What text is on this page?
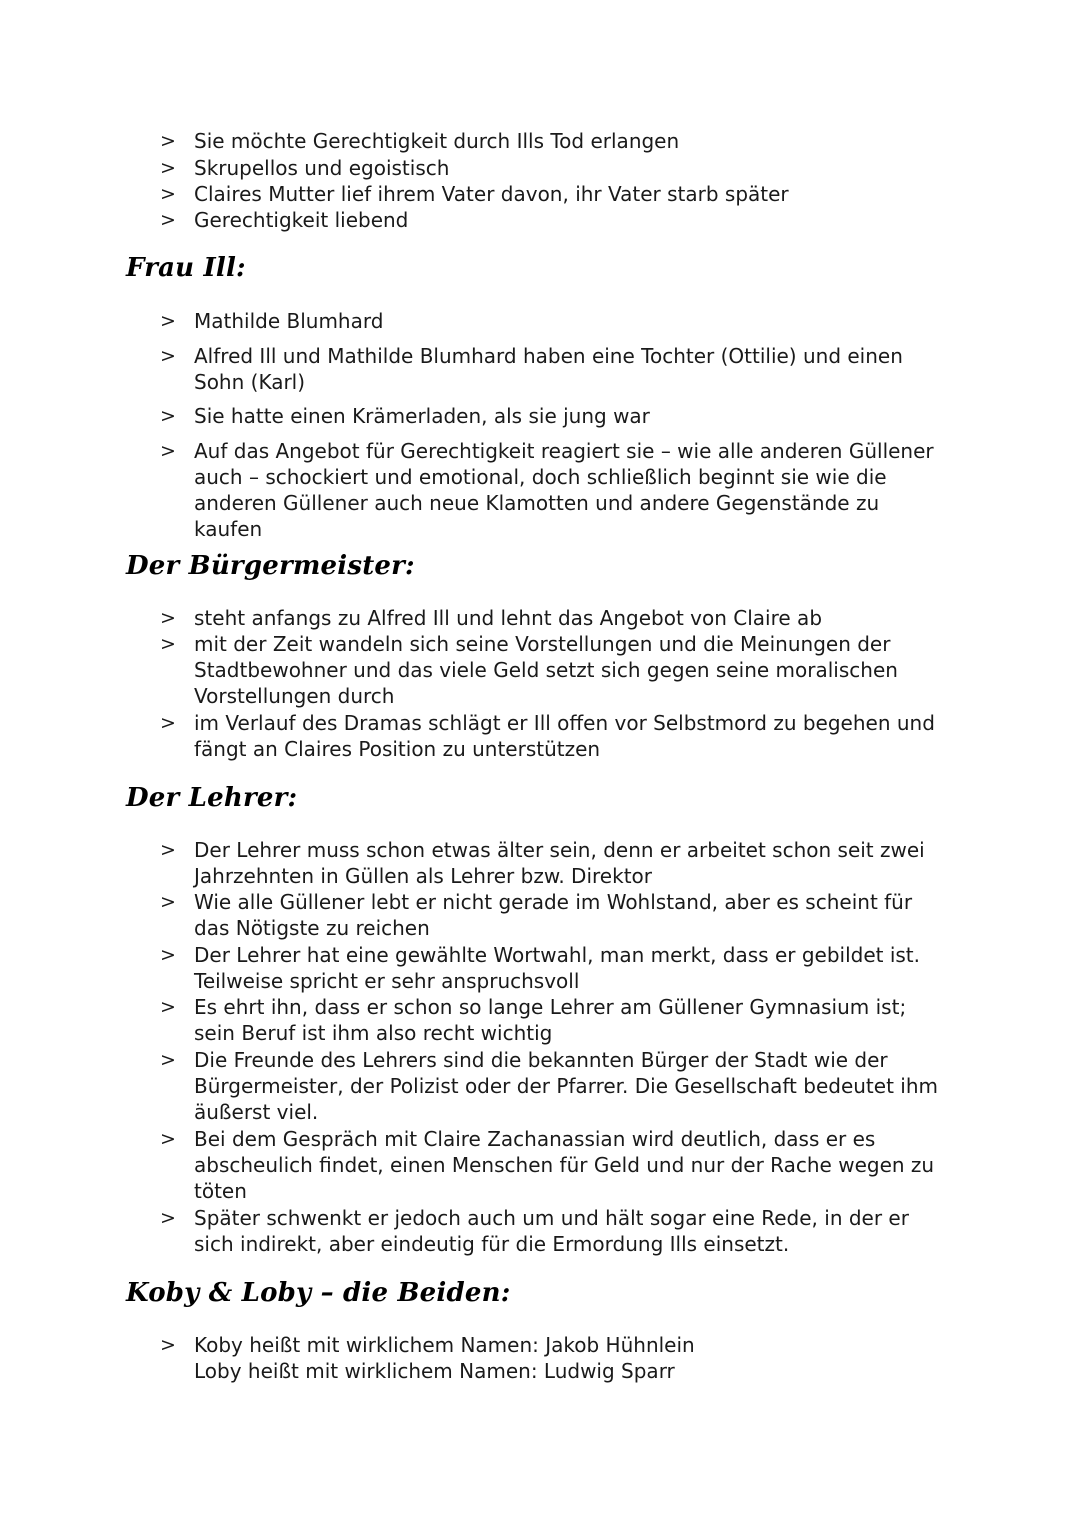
> Sie möchte Gerechtigkeit durch Ills Tod erlangen
> Skrupellos und egoistisch
> Claires Mutter lief ihrem Vater davon, ihr Vater starb später
> Gerechtigkeit liebend
Frau Ill:
> Mathilde Blumhard
> Alfred Ill und Mathilde Blumhard haben eine Tochter (Ottilie) und einen
Sohn (Karl)
> Sie hatte einen Krämerladen, als sie jung war
> Auf das Angebot für Gerechtigkeit reagiert sie – wie alle anderen Güllener
auch – schockiert und emotional, doch schließlich beginnt sie wie die
anderen Güllener auch neue Klamotten und andere Gegenstände zu
kaufen
Der Bürgermeister:
> steht anfangs zu Alfred Ill und lehnt das Angebot von Claire ab
> mit der Zeit wandeln sich seine Vorstellungen und die Meinungen der
Stadtbewohner und das viele Geld setzt sich gegen seine moralischen
Vorstellungen durch
> im Verlauf des Dramas schlägt er Ill offen vor Selbstmord zu begehen und
fängt an Claires Position zu unterstützen
Der Lehrer:
> Der Lehrer muss schon etwas älter sein, denn er arbeitet schon seit zwei
Jahrzehnten in Güllen als Lehrer bzw. Direktor
> Wie alle Güllener lebt er nicht gerade im Wohlstand, aber es scheint für
das Nötigste zu reichen
> Der Lehrer hat eine gewählte Wortwahl, man merkt, dass er gebildet ist.
Teilweise spricht er sehr anspruchsvoll
> Es ehrt ihn, dass er schon so lange Lehrer am Güllener Gymnasium ist;
sein Beruf ist ihm also recht wichtig
> Die Freunde des Lehrers sind die bekannten Bürger der Stadt wie der
Bürgermeister, der Polizist oder der Pfarrer. Die Gesellschaft bedeutet ihm
äußerst viel.
> Bei dem Gespräch mit Claire Zachanassian wird deutlich, dass er es
abscheulich findet, einen Menschen für Geld und nur der Rache wegen zu
töten
> Später schwenkt er jedoch auch um und hält sogar eine Rede, in der er
sich indirekt, aber eindeutig für die Ermordung Ills einsetzt.
Koby & Loby – die Beiden:
> Koby heißt mit wirklichem Namen: Jakob Hühnlein
Loby heißt mit wirklichem Namen: Ludwig Sparr
